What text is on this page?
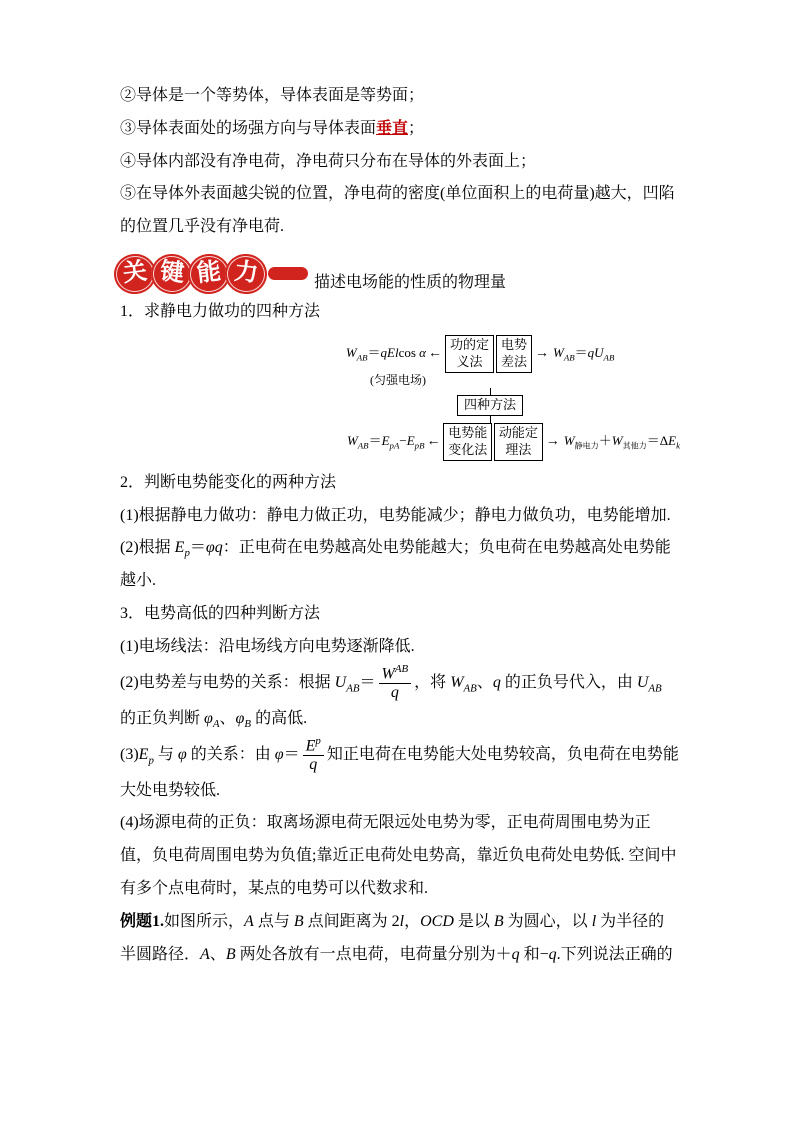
②导体是一个等势体，导体表面是等势面；

③导体表面处的场强方向与导体表面垂直；

④导体内部没有净电荷，净电荷只分布在导体的外表面上；

⑤在导体外表面越尖锐的位置，净电荷的密度(单位面积上的电荷量)越大，凹陷的位置几乎没有净电荷.

关 键 能 力	描述电场能的性质的物理量

1．求静电力做功的四种方法

$W_{AB}=qElcos$ α ←
功的定义法
电势差法
→ $W_{AB}=qU_{AB}$
(匀强电场)
四种方法
$W_{AB}=E_{pA}-E_{pB}$ ←
电势能变化法
动能定理法
→ $W_{静电力}+W_{其他力}=\Delta E_k$

2．判断电势能变化的两种方法

(1)根据静电力做功：静电力做正功，电势能减少；静电力做负功，电势能增加.

(2)根据 $E_p=\varphi q$：正电荷在电势越高处电势能越大；负电荷在电势越高处电势能越小.

3．电势高低的四种判断方法

(1)电场线法：沿电场线方向电势逐渐降低.

(2)电势差与电势的关系：根据 $U_{AB}= \frac{W^{AB}}{q}$ ，将 $W_{AB}$、q 的正负号代入，由 $U_{AB}$ 的正负判断 $\varphi_A$、$\varphi_B$ 的高低.

$(3)E_p$ 与 φ 的关系：由 $\varphi= \frac{E^p}{q}$ 知正电荷在电势能大处电势较高，负电荷在电势能大处电势较低.

(4)场源电荷的正负：取离场源电荷无限远处电势为零，正电荷周围电势为正值，负电荷周围电势为负值;靠近正电荷处电势高，靠近负电荷处电势低. 空间中有多个点电荷时，某点的电势可以代数求和.

例题1.如图所示，A 点与 B 点间距离为 2l，OCD 是以 B 为圆心，以 l 为半径的半圆路径．A、B 两处各放有一点电荷，电荷量分别为＋q 和−q.下列说法正确的
